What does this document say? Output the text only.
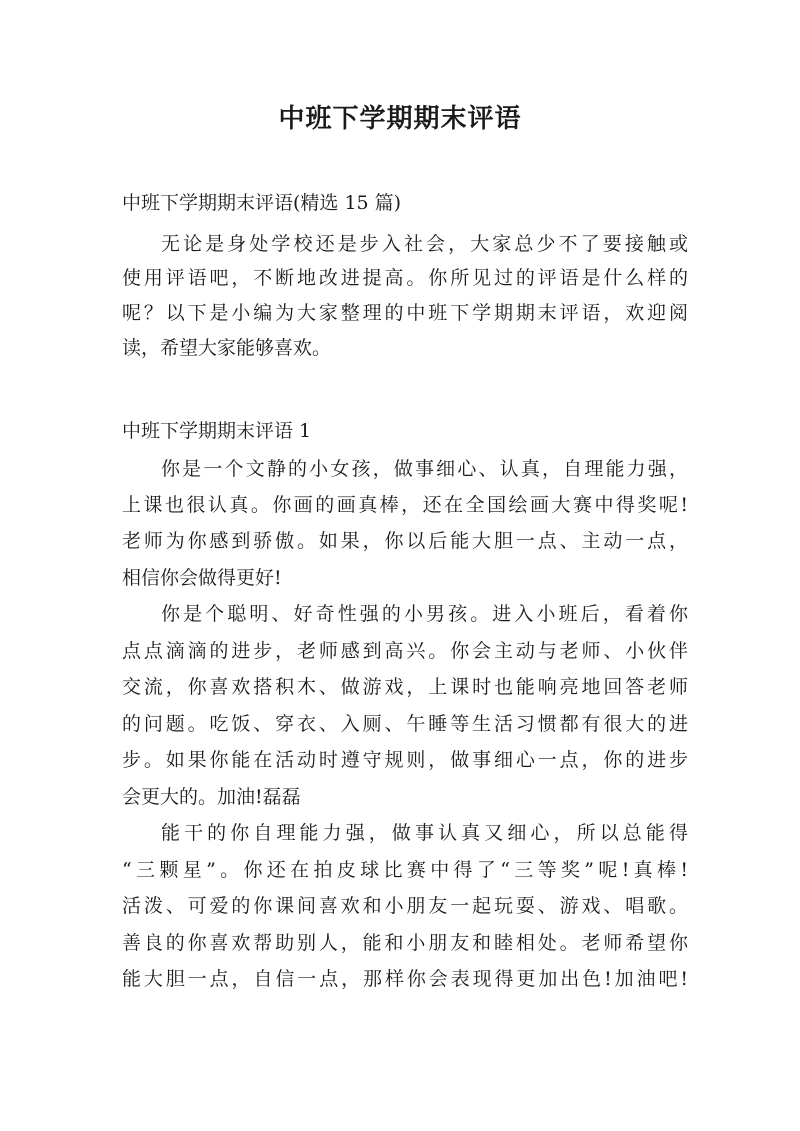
中班下学期期末评语
中班下学期期末评语(精选 15 篇)
无论是身处学校还是步入社会，大家总少不了要接触或
使用评语吧，不断地改进提高。你所见过的评语是什么样的
呢？以下是小编为大家整理的中班下学期期末评语，欢迎阅
读，希望大家能够喜欢。
中班下学期期末评语 1
你是一个文静的小女孩，做事细心、认真，自理能力强，
上课也很认真。你画的画真棒，还在全国绘画大赛中得奖呢!
老师为你感到骄傲。如果，你以后能大胆一点、主动一点，
相信你会做得更好!
你是个聪明、好奇性强的小男孩。进入小班后，看着你
点点滴滴的进步，老师感到高兴。你会主动与老师、小伙伴
交流，你喜欢搭积木、做游戏，上课时也能响亮地回答老师
的问题。吃饭、穿衣、入厕、午睡等生活习惯都有很大的进
步。如果你能在活动时遵守规则，做事细心一点，你的进步
会更大的。加油!磊磊
能干的你自理能力强，做事认真又细心，所以总能得
“三颗星”。你还在拍皮球比赛中得了“三等奖”呢!真棒!
活泼、可爱的你课间喜欢和小朋友一起玩耍、游戏、唱歌。
善良的你喜欢帮助别人，能和小朋友和睦相处。老师希望你
能大胆一点，自信一点，那样你会表现得更加出色!加油吧!
